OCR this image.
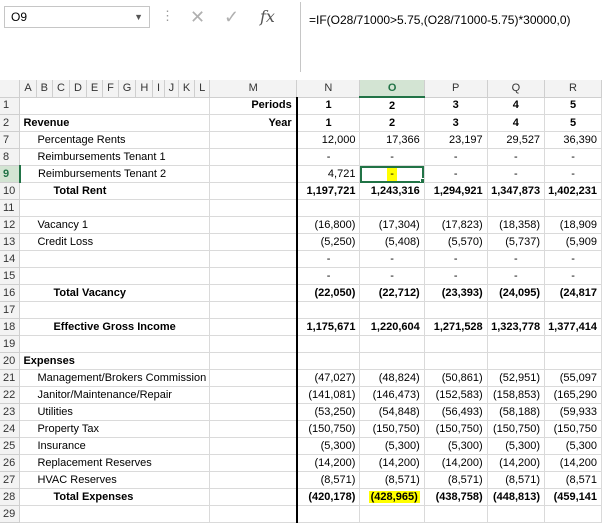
O9	▼ ⋮ ✕ ✓ fx	=IF(O28/71000>5.75,(O28/71000-5.75)*30000,0)
	A	B	C	D	E	F	G	H	I	J	K	L	M	N	O	P	Q	R
1													Periods	1	2	3	4	5
2	Revenue												Year	1	2	3	4	5
7	Percentage Rents													12,000	17,366	23,197	29,527	36,390
8	Reimbursements Tenant 1													-	-	-	-	-
9	Reimbursements Tenant 2													4,721	-	-	-	-
10	Total Rent													1,197,721	1,243,316	1,294,921	1,347,873	1,402,231
11																		
12	Vacancy 1													(16,800)	(17,304)	(17,823)	(18,358)	(18,909
13	Credit Loss													(5,250)	(5,408)	(5,570)	(5,737)	(5,909
14														-	-	-	-	-
15														-	-	-	-	-
16	Total Vacancy													(22,050)	(22,712)	(23,393)	(24,095)	(24,817
17																		
18	Effective Gross Income													1,175,671	1,220,604	1,271,528	1,323,778	1,377,414
19																		
20	Expenses																	
21	Management/Brokers Commission													(47,027)	(48,824)	(50,861)	(52,951)	(55,097
22	Janitor/Maintenance/Repair													(141,081)	(146,473)	(152,583)	(158,853)	(165,290
23	Utilities													(53,250)	(54,848)	(56,493)	(58,188)	(59,933
24	Property Tax													(150,750)	(150,750)	(150,750)	(150,750)	(150,750
25	Insurance													(5,300)	(5,300)	(5,300)	(5,300)	(5,300
26	Replacement Reserves													(14,200)	(14,200)	(14,200)	(14,200)	(14,200
27	HVAC Reserves													(8,571)	(8,571)	(8,571)	(8,571)	(8,571
28	Total Expenses													(420,178)	(428,965)	(438,758)	(448,813)	(459,141
29																		
